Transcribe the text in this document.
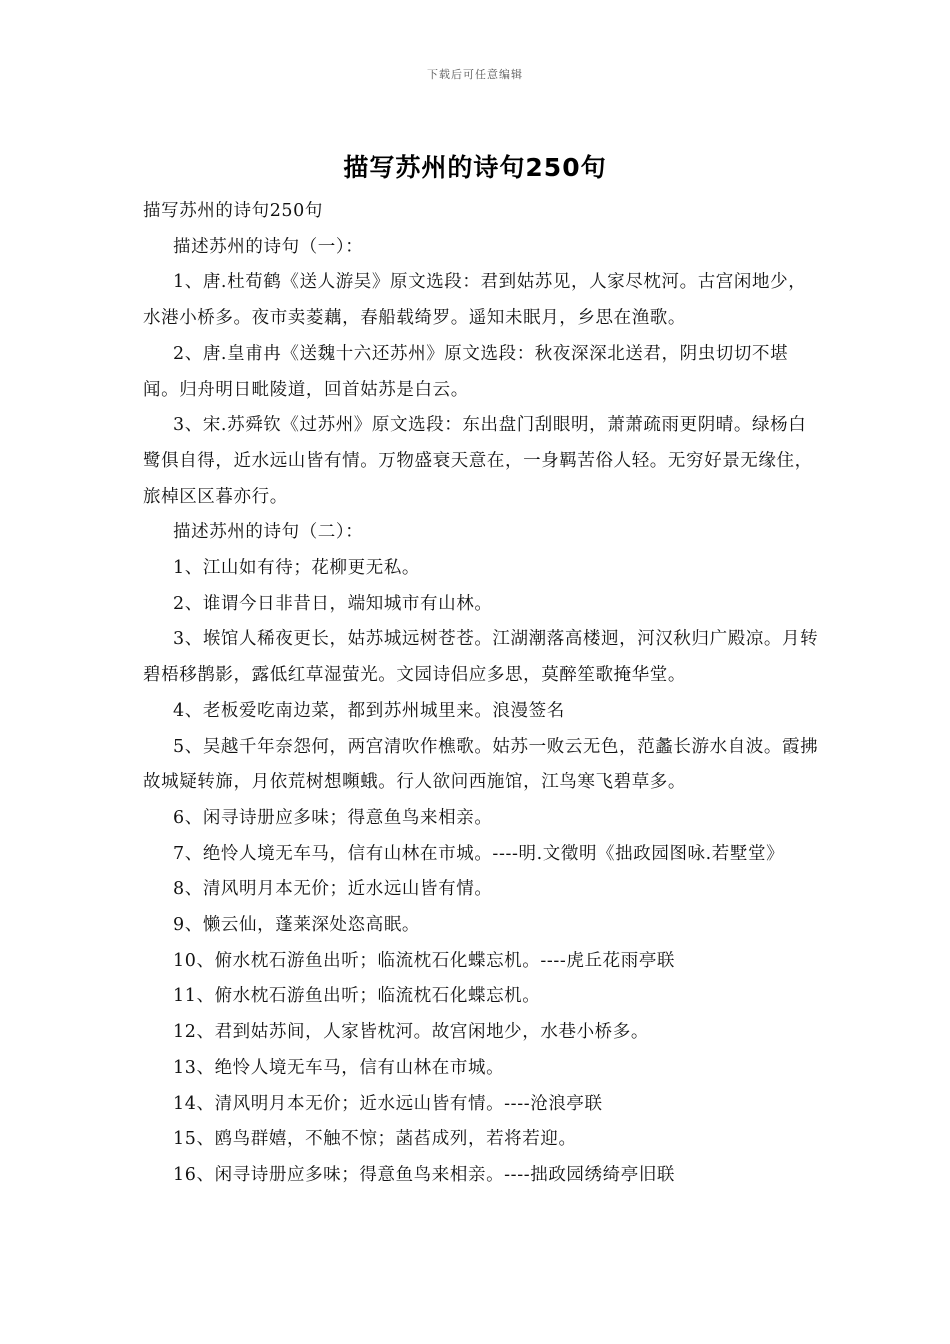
下载后可任意编辑
描写苏州的诗句250句

描写苏州的诗句250句

描述苏州的诗句（一）：

1、唐.杜荀鹤《送人游吴》原文选段：君到姑苏见，人家尽枕河。古宫闲地少，水港小桥多。夜市卖菱藕，春船载绮罗。遥知未眠月，乡思在渔歌。

2、唐.皇甫冉《送魏十六还苏州》原文选段：秋夜深深北送君，阴虫切切不堪闻。归舟明日毗陵道，回首姑苏是白云。

3、宋.苏舜钦《过苏州》原文选段：东出盘门刮眼明，萧萧疏雨更阴晴。绿杨白鹭俱自得，近水远山皆有情。万物盛衰天意在，一身羁苦俗人轻。无穷好景无缘住，旅棹区区暮亦行。

描述苏州的诗句（二）：

1、江山如有待；花柳更无私。

2、谁谓今日非昔日，端知城市有山林。

3、堠馆人稀夜更长，姑苏城远树苍苍。江湖潮落高楼迥，河汉秋归广殿凉。月转碧梧移鹊影，露低红草湿萤光。文园诗侣应多思，莫醉笙歌掩华堂。

4、老板爱吃南边菜，都到苏州城里来。浪漫签名

5、吴越千年奈怨何，两宫清吹作樵歌。姑苏一败云无色，范蠡长游水自波。霞拂故城疑转旆，月依荒树想嚬蛾。行人欲问西施馆，江鸟寒飞碧草多。

6、闲寻诗册应多味；得意鱼鸟来相亲。

7、绝怜人境无车马，信有山林在市城。----明.文徵明《拙政园图咏.若墅堂》

8、清风明月本无价；近水远山皆有情。

9、懒云仙，蓬莱深处恣高眠。

10、俯水枕石游鱼出听；临流枕石化蝶忘机。----虎丘花雨亭联

11、俯水枕石游鱼出听；临流枕石化蝶忘机。

12、君到姑苏间，人家皆枕河。故宫闲地少，水巷小桥多。

13、绝怜人境无车马，信有山林在市城。

14、清风明月本无价；近水远山皆有情。----沧浪亭联

15、鸥鸟群嬉，不触不惊；菡萏成列，若将若迎。

16、闲寻诗册应多味；得意鱼鸟来相亲。----拙政园绣绮亭旧联
